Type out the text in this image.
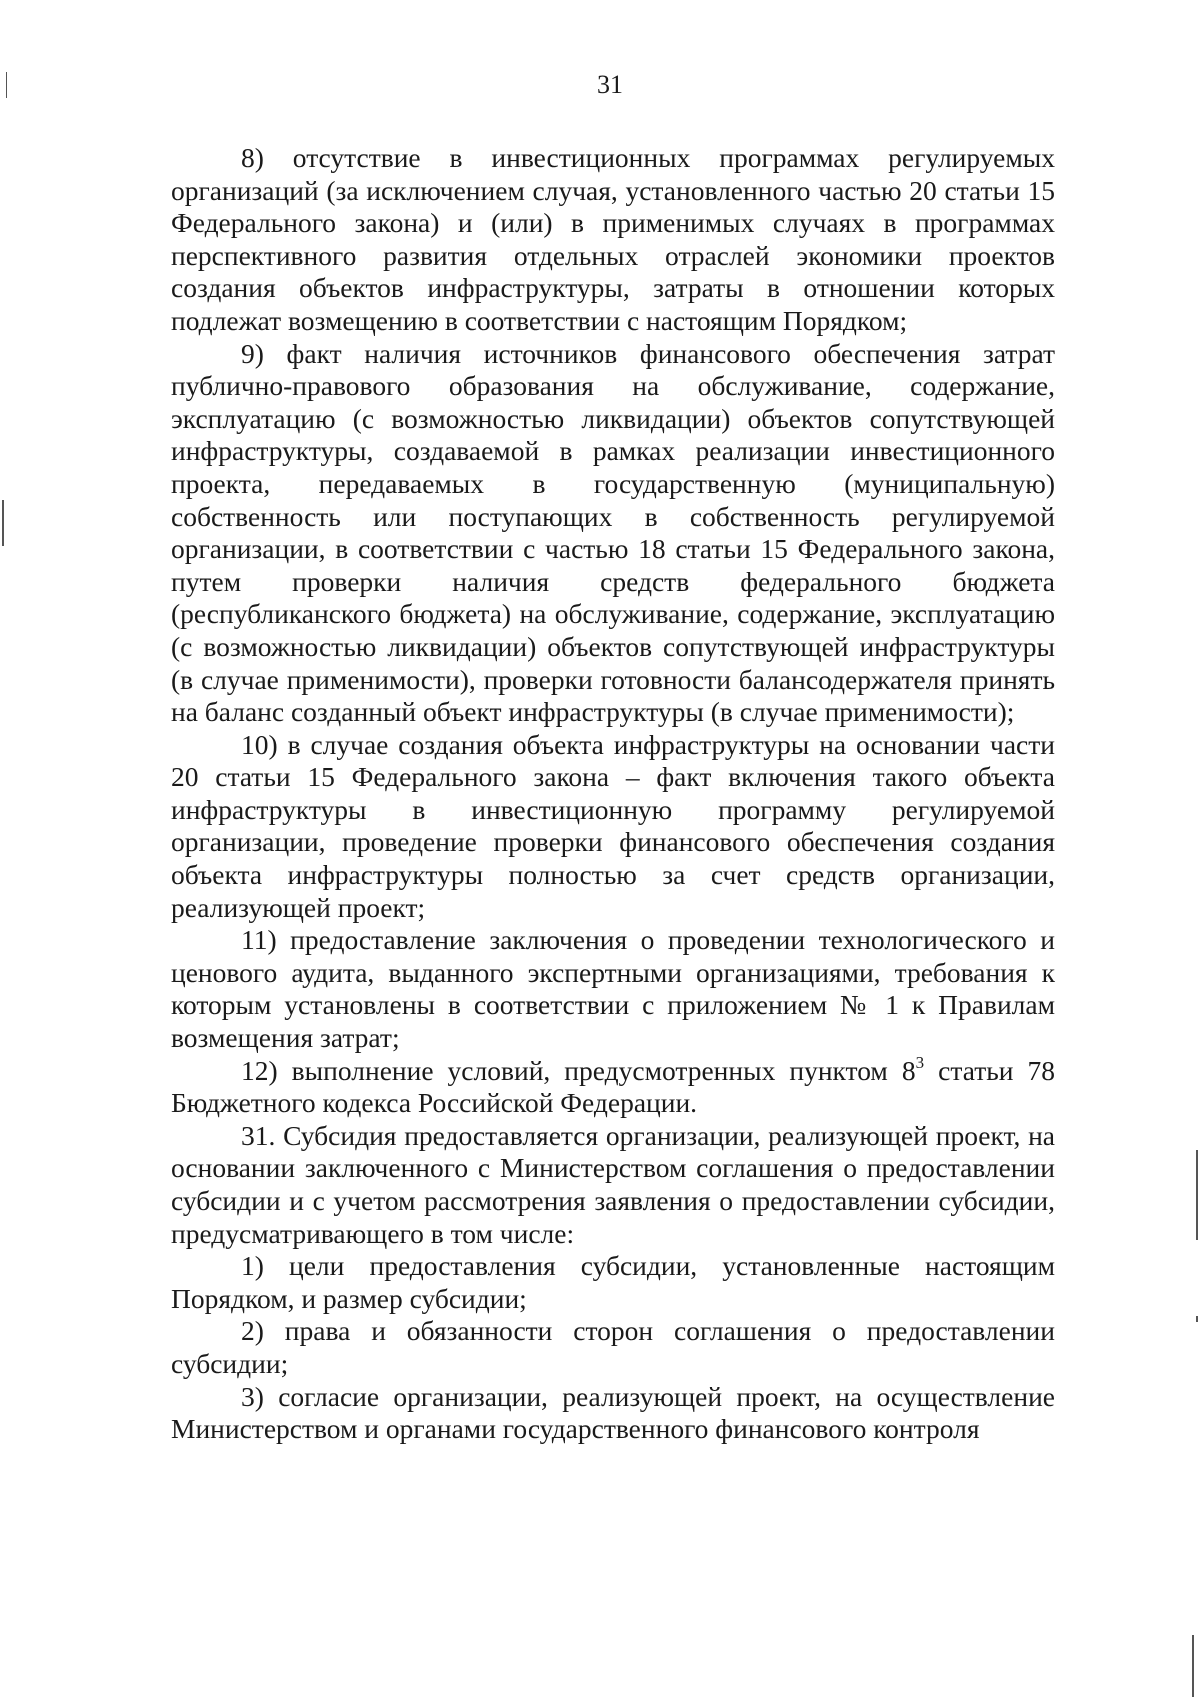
31

8) отсутствие в инвестиционных программах регулируемых организаций (за исключением случая, установленного частью 20 статьи 15 Федерального закона) и (или) в применимых случаях в программах перспективного развития отдельных отраслей экономики проектов создания объектов инфраструктуры, затраты в отношении которых подлежат возмещению в соответствии с настоящим Порядком;

9) факт наличия источников финансового обеспечения затрат публично-правового образования на обслуживание, содержание, эксплуатацию (с возможностью ликвидации) объектов сопутствующей инфраструктуры, создаваемой в рамках реализации инвестиционного проекта, передаваемых в государственную (муниципальную) собственность или поступающих в собственность регулируемой организации, в соответствии с частью 18 статьи 15 Федерального закона, путем проверки наличия средств федерального бюджета (республиканского бюджета) на обслуживание, содержание, эксплуатацию (с возможностью ликвидации) объектов сопутствующей инфраструктуры (в случае применимости), проверки готовности балансодержателя принять на баланс созданный объект инфраструктуры (в случае применимости);

10) в случае создания объекта инфраструктуры на основании части 20 статьи 15 Федерального закона – факт включения такого объекта инфраструктуры в инвестиционную программу регулируемой организации, проведение проверки финансового обеспечения создания объекта инфраструктуры полностью за счет средств организации, реализующей проект;

11) предоставление заключения о проведении технологического и ценового аудита, выданного экспертными организациями, требования к которым установлены в соответствии с приложением № 1 к Правилам возмещения затрат;

12) выполнение условий, предусмотренных пунктом $8^3$ статьи 78 Бюджетного кодекса Российской Федерации.

31. Субсидия предоставляется организации, реализующей проект, на основании заключенного с Министерством соглашения о предоставлении субсидии и с учетом рассмотрения заявления о предоставлении субсидии, предусматривающего в том числе:

1) цели предоставления субсидии, установленные настоящим Порядком, и размер субсидии;

2) права и обязанности сторон соглашения о предоставлении субсидии;

3) согласие организации, реализующей проект, на осуществление Министерством и органами государственного финансового контроля
